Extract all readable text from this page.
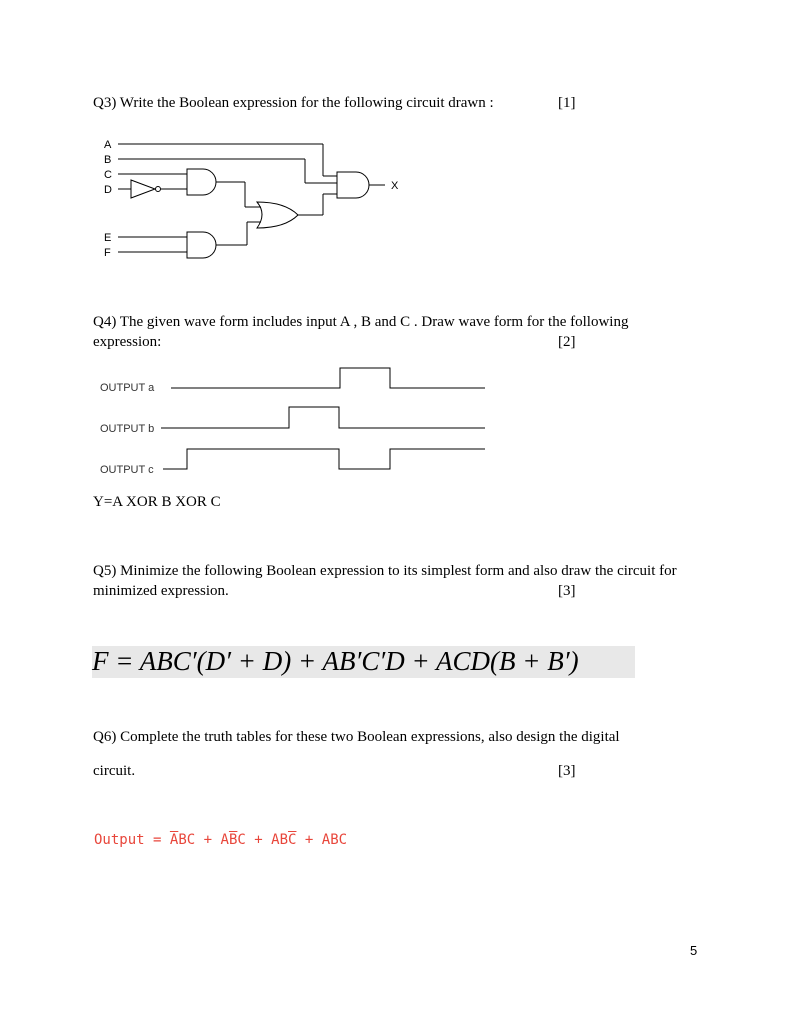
Q3) Write the Boolean expression for the following circuit drawn :	[1]
A
B
C
D
E
F
X
Q4) The given wave form includes input A , B and C . Draw wave form for the following
expression:	[2]
OUTPUT a
OUTPUT b
OUTPUT c
Y=A XOR B XOR C
Q5) Minimize the following Boolean expression to its simplest form and also draw the circuit for
minimized expression.	[3]
F = ABC′(D′ + D) + AB′C′D + ACD(B + B′)
Q6) Complete the truth tables for these two Boolean expressions, also design the digital
circuit.	[3]
Output = $\overline{A}BC + A\overline{B}C + AB\overline{C}$ + ABC
5
